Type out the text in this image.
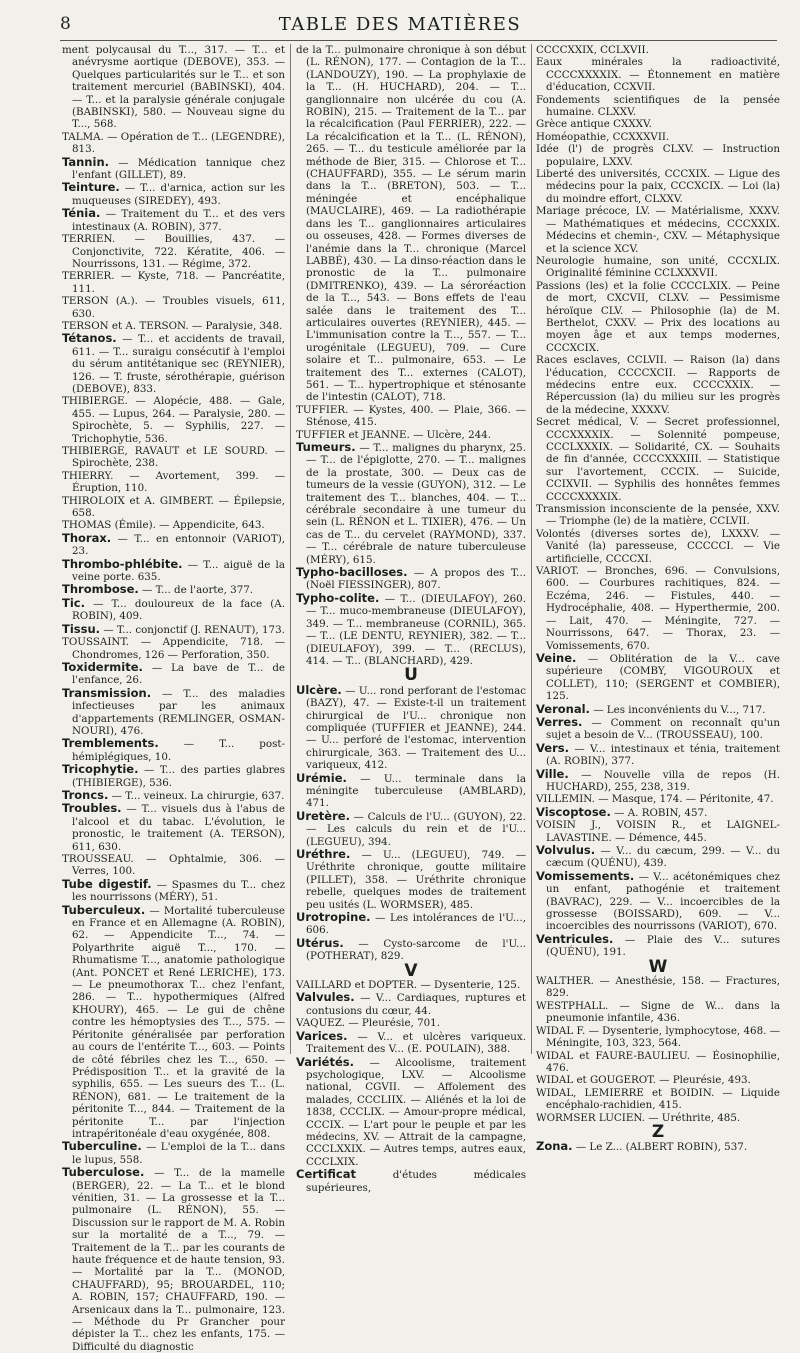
8	TABLE DES MATIÈRES

ment polycausal du T..., 317. — T... et anévrysme aortique (DEBOVE), 353. — Quelques particularités sur le T... et son traitement mercuriel (BABINSKI), 404. — T... et la paralysie générale conjugale (BABINSKI), 580. — Nouveau signe du T..., 568.

TALMA. — Opération de T... (LEGENDRE), 813.

Tannin. — Médication tannique chez l'enfant (GILLET), 89.

Teinture. — T... d'arnica, action sur les muqueuses (SIREDEY), 493.

Ténia. — Traitement du T... et des vers intestinaux (A. ROBIN), 377.

TERRIEN. — Bouillies, 437. — Conjonctivite, 722. Kératite, 406. — Nourrissons, 131. — Régime, 372.

TERRIER. — Kyste, 718. — Pancréatite, 111.

TERSON (A.). — Troubles visuels, 611, 630.

TERSON et A. TERSON. — Paralysie, 348.

Tétanos. — T... et accidents de travail, 611. — T... suraigu consécutif à l'emploi du sérum antitétanique sec (REYNIER), 126. — T. fruste, sérothérapie, guérison (DEBOVE), 833.

THIBIERGE. — Alopécie, 488. — Gale, 455. — Lupus, 264. — Paralysie, 280. — Spirochète, 5. — Syphilis, 227. — Trichophytie, 536.

THIBIERGE, RAVAUT et LE SOURD. — Spirochète, 238.

THIERRY. — Avortement, 399. — Éruption, 110.

THIROLOIX et A. GIMBERT. — Épilepsie, 658.

THOMAS (Émile). — Appendicite, 643.

Thorax. — T... en entonnoir (VARIOT), 23.

Thrombo-phlébite. — T... aiguë de la veine porte. 635.

Thrombose. — T... de l'aorte, 377.

Tic. — T... douloureux de la face (A. ROBIN), 409.

Tissu. — T... conjonctif (J. RENAUT), 173.

TOUSSAINT. — Appendicite, 718. — Chondromes, 126 — Perforation, 350.

Toxidermite. — La bave de T... de l'enfance, 26.

Transmission. — T... des maladies infectieuses par les animaux d'appartements (REMLINGER, OSMAN-NOURI), 476.

Tremblements. — T... post-hémiplégiques, 10.

Tricophytie. — T... des parties glabres (THIBIERGE), 536.

Troncs. — T... veineux. La chirurgie, 637.

Troubles. — T... visuels dus à l'abus de l'alcool et du tabac. L'évolution, le pronostic, le traitement (A. TERSON), 611, 630.

TROUSSEAU. — Ophtalmie, 306. — Verres, 100.

Tube digestif. — Spasmes du T... chez les nourrissons (MÉRY), 51.

Tuberculeux. — Mortalité tuberculeuse en France et en Allemagne (A. ROBIN), 62. — Appendicite T..., 74. — Polyarthrite aiguë T..., 170. — Rhumatisme T..., anatomie pathologique (Ant. PONCET et René LERICHE), 173. — Le pneumothorax T... chez l'enfant, 286. — T... hypothermiques (Alfred KHOURY), 465. — Le gui de chêne contre les hémoptysies des T..., 575. — Péritonite généralisée par perforation au cours de l'entérite T..., 603. — Points de côté fébriles chez les T..., 650. — Prédisposition T... et la gravité de la syphilis, 655. — Les sueurs des T... (L. RÉNON), 681. — Le traitement de la péritonite T..., 844. — Traitement de la péritonite T... par l'injection intrapéritonéale d'eau oxygénée, 808.

Tuberculine. — L'emploi de la T... dans le lupus, 558.

Tuberculose. — T... de la mamelle (BERGER), 22. — La T... et le blond vénitien, 31. — La grossesse et la T... pulmonaire (L. RÉNON), 55. — Discussion sur le rapport de M. A. Robin sur la mortalité de a T..., 79. — Traitement de la T... par les courants de haute fréquence et de haute tension, 93. — Mortalité par la T... (MONOD, CHAUFFARD), 95; BROUARDEL, 110; A. ROBIN, 157; CHAUFFARD, 190. — Arsenicaux dans la T... pulmonaire, 123. — Méthode du Pr Grancher pour dépister la T... chez les enfants, 175. — Difficulté du diagnostic

de la T... pulmonaire chronique à son début (L. RÉNON), 177. — Contagion de la T... (LANDOUZY), 190. — La prophylaxie de la T... (H. HUCHARD), 204. — T... ganglionnaire non ulcérée du cou (A. ROBIN), 215. — Traitement de la T... par la récalcification (Paul FERRIER), 222. — La récalcification et la T... (L. RÉNON), 265. — T... du testicule améliorée par la méthode de Bier, 315. — Chlorose et T... (CHAUFFARD), 355. — Le sérum marin dans la T... (BRETON), 503. — T... méningée et encéphalique (MAUCLAIRE), 469. — La radiothérapie dans les T... ganglionnaires articulaires ou osseuses, 428. — Formes diverses de l'anémie dans la T... chronique (Marcel LABBÉ), 430. — La dinso-réaction dans le pronostic de la T... pulmonaire (DMITRENKO), 439. — La séroréaction de la T..., 543. — Bons effets de l'eau salée dans le traitement des T... articulaires ouvertes (REYNIER), 445. — L'immunisation contre la T..., 557. — T... urogénitale (LEGUEU), 709. — Cure solaire et T... pulmonaire, 653. — Le traitement des T... externes (CALOT), 561. — T... hypertrophique et sténosante de l'intestin (CALOT), 718.

TUFFIER. — Kystes, 400. — Plaie, 366. — Sténose, 415.

TUFFIER et JEANNE. — Ulcère, 244.

Tumeurs. — T... malignes du pharynx, 25. — T... de l'épiglotte, 270. — T... malignes de la prostate, 300. — Deux cas de tumeurs de la vessie (GUYON), 312. — Le traitement des T... blanches, 404. — T... cérébrale secondaire à une tumeur du sein (L. RÉNON et L. TIXIER), 476. — Un cas de T... du cervelet (RAYMOND), 337. — T... cérébrale de nature tuberculeuse (MÉRY), 615.

Typho-bacilloses. — A propos des T... (Noël FIESSINGER), 807.

Typho-colite. — T... (DIEULAFOY), 260. — T... muco-membraneuse (DIEULAFOY), 349. — T... membraneuse (CORNIL), 365. — T... (LE DENTU, REYNIER), 382. — T... (DIEULAFOY), 399. — T... (RECLUS), 414. — T... (BLANCHARD), 429.

U

Ulcère. — U... rond perforant de l'estomac (BAZY), 47. — Existe-t-il un traitement chirurgical de l'U... chronique non compliquée (TUFFIER et JEANNE), 244. — U... perforé de l'estomac, intervention chirurgicale, 363. — Traitement des U... variqueux, 412.

Urémie. — U... terminale dans la méningite tuberculeuse (AMBLARD), 471.

Uretère. — Calculs de l'U... (GUYON), 22. — Les calculs du rein et de l'U... (LEGUEU), 394.

Uréthre. — U... (LEGUEU), 749. — Uréthrite chronique, goutte militaire (PILLET), 358. — Uréthrite chronique rebelle, quelques modes de traitement peu usités (L. WORMSER), 485.

Urotropine. — Les intolérances de l'U..., 606.

Utérus. — Cysto-sarcome de l'U... (POTHERAT), 829.

V

VAILLARD et DOPTER. — Dysenterie, 125.

Valvules. — V... Cardiaques, ruptures et contusions du cœur, 44.

VAQUEZ. — Pleurésie, 701.

Varices. — V... et ulcères variqueux. Traitement des V... (E. POULAIN), 388.

Variétés. — Alcoolisme, traitement psychologique, LXV. — Alcoolisme national, CGVII. — Affolement des malades, CCCLIIX. — Aliénés et la loi de 1838, CCCLIX. — Amour-propre médical, CCCIX. — L'art pour le peuple et par les médecins, XV. — Attrait de la campagne, CCCLXXIX. — Autres temps, autres eaux, CCCLXIX.

Certificat	d'études médicales supérieures,

CCCCXXIX, CCLXVII.

Eaux minérales la radioactivité, CCCCXXXXIX. — Étonnement en matière d'éducation, CCXVII.

Fondements scientifiques de la pensée humaine. CLXXV.

Grèce antique CXXXV.

Homéopathie, CCXXXVII.

Idée (l') de progrès CLXV. — Instruction populaire, LXXV.

Liberté des universités, CCCXIX. — Ligue des médecins pour la paix, CCCXCIX. — Loi (la) du moindre effort, CLXXV.

Mariage précoce, LV. — Matérialisme, XXXV. — Mathématiques et médecins, CCCXXIX. Médecins et chemin-, CXV. — Métaphysique et la science XCV.

Neurologie humaine, son unité, CCCXLIX. Originalité féminine CCLXXXVII.

Passions (les) et la folie CCCCLXIX. — Peine de mort, CXCVII, CLXV. — Pessimisme héroïque CLV. — Philosophie (la) de M. Berthelot, CXXV. — Prix des locations au moyen âge et aux temps modernes, CCCXCIX.

Races esclaves, CCLVII. — Raison (la) dans l'éducation, CCCCXCII. — Rapports de médecins entre eux. CCCCXXIX. — Répercussion (la) du milieu sur les progrès de la médecine, XXXXV.

Secret médical, V. — Secret professionnel, CCCXXXXIX. — Solennité pompeuse, CCCLXXXIX. — Solidarité, CX. — Souhaits de fin d'année, CCCCXXXIII. — Statistique sur l'avortement, CCCIX. — Suicide, CCIXVII. — Syphilis des honnêtes femmes CCCCXXXXIX.

Transmission inconsciente de la pensée, XXV. — Triomphe (le) de la matière, CCLVII.

Volontés (diverses sortes de), LXXXV. — Vanité (la) paresseuse, CCCCCI. — Vie artificielle, CCCCXI.

VARIOT. — Bronches, 696. — Convulsions, 600. — Courbures rachitiques, 824. — Eczéma, 246. — Fistules, 440. — Hydrocéphalie, 408. — Hyperthermie, 200. — Lait, 470. — Méningite, 727. — Nourrissons, 647. — Thorax, 23. — Vomissements, 670.

Veine. — Oblitération de la V... cave supérieure (COMBY, VIGOUROUX et COLLET), 110; (SERGENT et COMBIER), 125.

Veronal. — Les inconvénients du V..., 717.

Verres. — Comment on reconnaît qu'un sujet a besoin de V... (TROUSSEAU), 100.

Vers. — V... intestinaux et ténia, traitement (A. ROBIN), 377.

Ville. — Nouvelle villa de repos (H. HUCHARD), 255, 238, 319.

VILLEMIN. — Masque, 174. — Péritonite, 47.

Viscoptose. — A. ROBIN, 457.

VOISIN J., VOISIN R., et LAIGNEL-LAVASTINE. — Démence, 445.

Volvulus. — V... du cæcum, 299. — V... du cæcum (QUÉNU), 439.

Vomissements. — V... acétonémiques chez un enfant, pathogénie et traitement (BAVRAC), 229. — V... incoercibles de la grossesse (BOISSARD), 609. — V... incoercibles des nourrissons (VARIOT), 670.

Ventricules. — Plaie des V... sutures (QUÉNU), 191.

W

WALTHER. — Anesthésie, 158. — Fractures, 829.

WESTPHALL. — Signe de W... dans la pneumonie infantile, 436.

WIDAL F. — Dysenterie, lymphocytose, 468. — Méningite, 103, 323, 564.

WIDAL et FAURE-BAULIEU. — Éosinophilie, 476.

WIDAL et GOUGEROT. — Pleurésie, 493.

WIDAL, LEMIERRE et BOIDIN. — Liquide encéphalo-rachidien, 415.

WORMSER LUCIEN. — Uréthrite, 485.

Z

Zona. — Le Z... (ALBERT ROBIN), 537.
